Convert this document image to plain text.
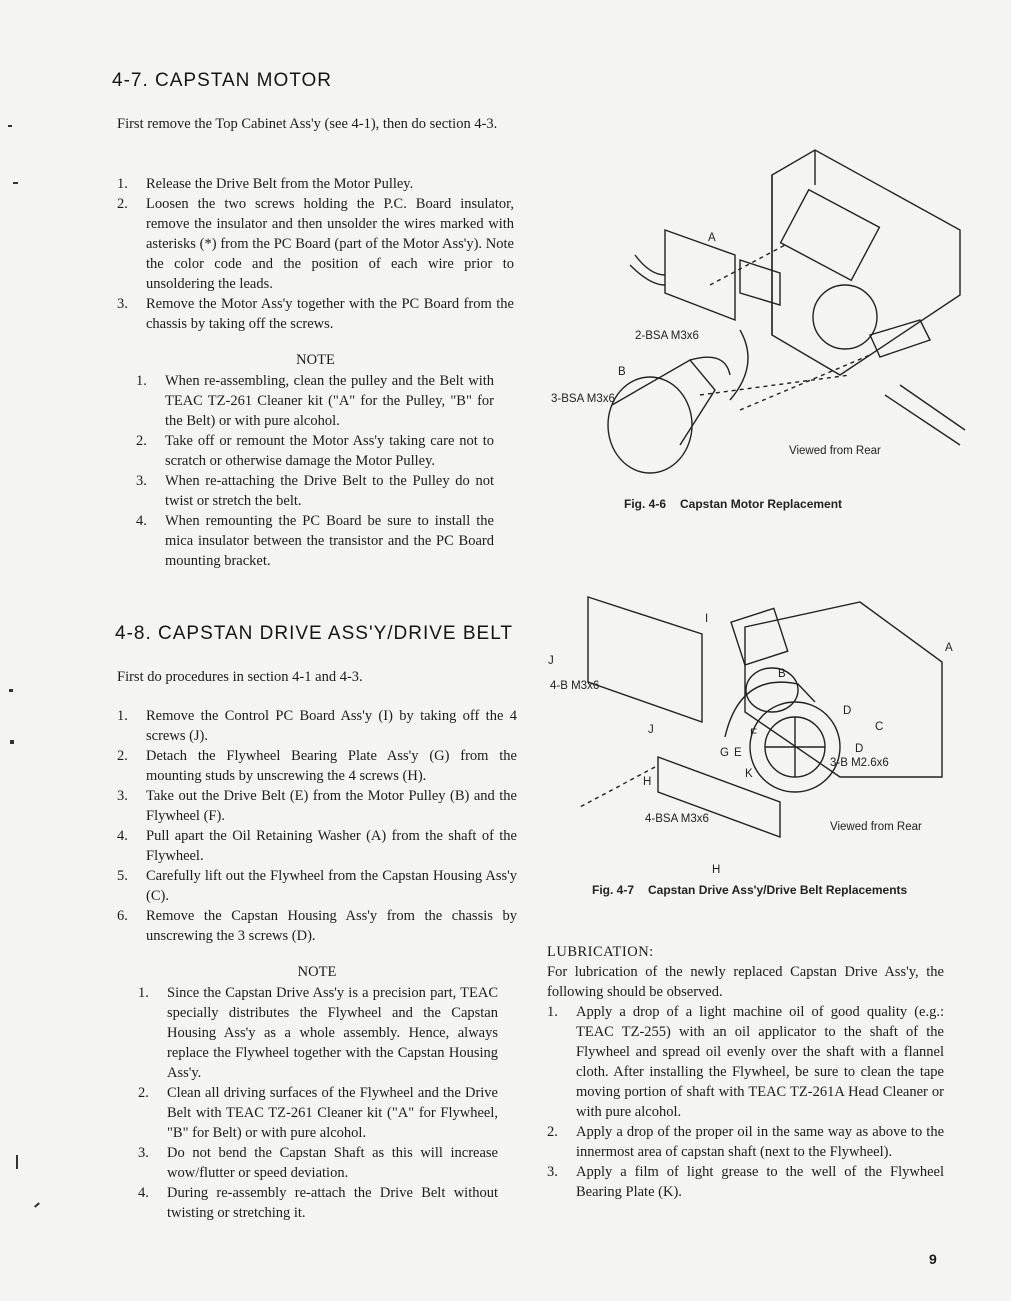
4-7. CAPSTAN MOTOR

First remove the Top Cabinet Ass'y (see 4-1), then do section 4-3.

1. Release the Drive Belt from the Motor Pulley.
2. Loosen the two screws holding the P.C. Board insulator, remove the insulator and then unsolder the wires marked with asterisks (*) from the PC Board (part of the Motor Ass'y). Note the color code and the position of each wire prior to unsoldering the leads.
3. Remove the Motor Ass'y together with the PC Board from the chassis by taking off the screws.

NOTE

1. When re-assembling, clean the pulley and the Belt with TEAC TZ-261 Cleaner kit ("A" for the Pulley, "B" for the Belt) or with pure alcohol.
2. Take off or remount the Motor Ass'y taking care not to scratch or otherwise damage the Motor Pulley.
3. When re-attaching the Drive Belt to the Pulley do not twist or stretch the belt.
4. When remounting the PC Board be sure to install the mica insulator between the transistor and the PC Board mounting bracket.
4-8. CAPSTAN DRIVE ASS'Y/DRIVE BELT

First do procedures in section 4-1 and 4-3.

1. Remove the Control PC Board Ass'y (I) by taking off the 4 screws (J).
2. Detach the Flywheel Bearing Plate Ass'y (G) from the mounting studs by unscrewing the 4 screws (H).
3. Take out the Drive Belt (E) from the Motor Pulley (B) and the Flywheel (F).
4. Pull apart the Oil Retaining Washer (A) from the shaft of the Flywheel.
5. Carefully lift out the Flywheel from the Capstan Housing Ass'y (C).
6. Remove the Capstan Housing Ass'y from the chassis by unscrewing the 3 screws (D).

NOTE

1. Since the Capstan Drive Ass'y is a precision part, TEAC specially distributes the Flywheel and the Capstan Housing Ass'y as a whole assembly. Hence, always replace the Flywheel together with the Capstan Housing Ass'y.
2. Clean all driving surfaces of the Flywheel and the Drive Belt with TEAC TZ-261 Cleaner kit ("A" for Flywheel, "B" for Belt) or with pure alcohol.
3. Do not bend the Capstan Shaft as this will increase wow/flutter or speed deviation.
4. During re-assembly re-attach the Drive Belt without twisting or stretching it.
A
B
2-BSA M3x6
3-BSA M3x6
Viewed from Rear
Fig. 4-6 Capstan Motor Replacement
I
J
J
4-B M3x6
B
A
C
D
D
3-B M2.6x6
F
G E
K
H
H
4-BSA M3x6
Viewed from Rear
Fig. 4-7 Capstan Drive Ass'y/Drive Belt Replacements

LUBRICATION:

For lubrication of the newly replaced Capstan Drive Ass'y, the following should be observed.

1. Apply a drop of a light machine oil of good quality (e.g.: TEAC TZ-255) with an oil applicator to the shaft of the Flywheel and spread oil evenly over the shaft with a flannel cloth. After installing the Flywheel, be sure to clean the tape moving portion of shaft with TEAC TZ-261A Head Cleaner or with pure alcohol.
2. Apply a drop of the proper oil in the same way as above to the innermost area of capstan shaft (next to the Flywheel).
3. Apply a film of light grease to the well of the Flywheel Bearing Plate (K).
9
